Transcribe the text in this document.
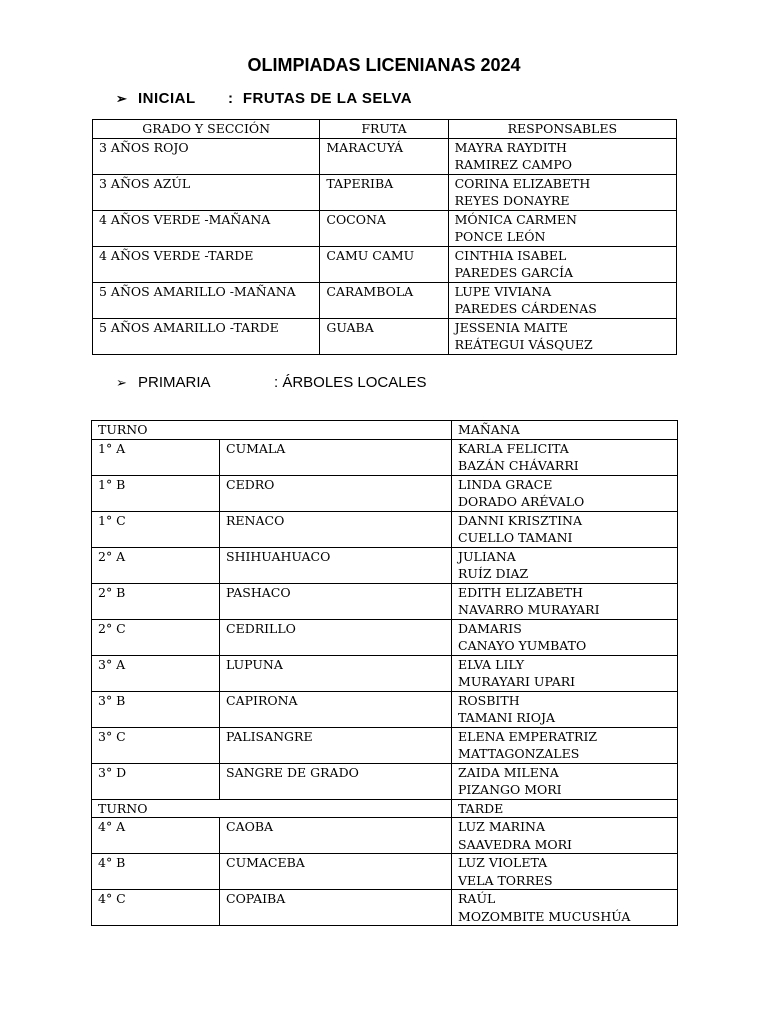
OLIMPIADAS LICENIANAS 2024
➢ INICIAL :  FRUTAS DE LA SELVA
GRADO Y SECCIÓN	FRUTA	RESPONSABLES
3 AÑOS ROJO	MARACUYÁ	MAYRA RAYDITH
RAMIREZ CAMPO

3 AÑOS AZÚL	TAPERIBA	CORINA ELIZABETH
REYES DONAYRE

4 AÑOS VERDE -MAÑANA	COCONA	MÓNICA CARMEN
PONCE LEÓN

4 AÑOS VERDE -TARDE	CAMU CAMU	CINTHIA ISABEL
PAREDES GARCÍA

5 AÑOS AMARILLO -MAÑANA	CARAMBOLA	LUPE VIVIANA
PAREDES CÁRDENAS

5 AÑOS AMARILLO -TARDE	GUABA	JESSENIA MAITE
REÁTEGUI VÁSQUEZ
➢ PRIMARIA	: ÁRBOLES LOCALES
TURNO		MAÑANA
1° A	CUMALA	KARLA FELICITA
BAZÁN CHÁVARRI

1° B	CEDRO	LINDA GRACE
DORADO ARÉVALO

1° C	RENACO	DANNI KRISZTINA
CUELLO TAMANI

2° A	SHIHUAHUACO	JULIANA
RUÍZ DIAZ

2° B	PASHACO	EDITH ELIZABETH
NAVARRO MURAYARI

2° C	CEDRILLO	DAMARIS
CANAYO YUMBATO

3° A	LUPUNA	ELVA LILY
MURAYARI UPARI

3° B	CAPIRONA	ROSBITH
TAMANI RIOJA

3° C	PALISANGRE	ELENA EMPERATRIZ
MATTAGONZALES

3° D	SANGRE DE GRADO	ZAIDA MILENA
PIZANGO MORI

TURNO		TARDE
4° A	CAOBA	LUZ MARINA
SAAVEDRA MORI

4° B	CUMACEBA	LUZ VIOLETA
VELA TORRES

4° C	COPAIBA	RAÚL
MOZOMBITE MUCUSHÚA
